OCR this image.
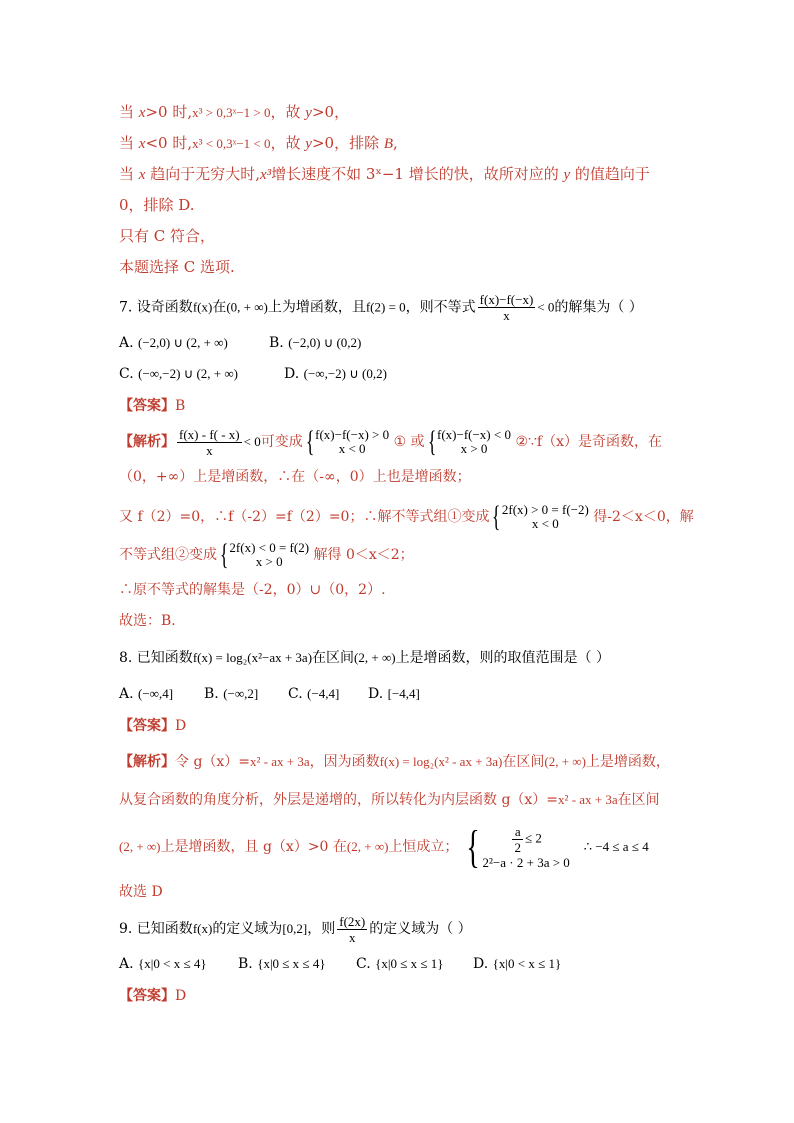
当 x>0 时,x³ > 0,3ˣ−1 > 0，故 y>0，
当 x<0 时,x³ < 0,3ˣ−1 < 0，故 y>0，排除 B,
当 x 趋向于无穷大时,x³增长速度不如 3ˣ−1 增长的快，故所对应的 y 的值趋向于
0，排除 D.
只有 C 符合，
本题选择 C 选项.
7. 设奇函数f(x)在(0, + ∞)上为增函数，且f(2) = 0，则不等式 $\frac{f(x)-f(-x)}{x} < 0$的解集为（ ）
A. (−2,0) ∪ (2, + ∞)	B. (−2,0) ∪ (0,2)
C. (−∞,−2) ∪ (2, + ∞)	D. (−∞,−2) ∪ (0,2)
【答案】B
【解析】 $\frac{f(x) - f( - x)}{x} < 0$可变成 { f(x)−f(−x) > 0
x < 0	① 或 { f(x)−f(−x) < 0
x > 0	②∵f（x）是奇函数，在
（0，+∞）上是增函数，∴在（-∞，0）上也是增函数；
又 f（2）=0，∴f（-2）=f（2）=0；∴解不等式组①变成 { 2f(x) > 0 = f(−2)
x < 0	得-2＜x＜0，解
不等式组②变成 { 2f(x) < 0 = f(2)
x > 0	解得 0＜x＜2；
∴原不等式的解集是（-2，0）∪（0，2）.
故选：B.
8. 已知函数f(x) = log₂(x²−ax + 3a)在区间(2, + ∞)上是增函数，则的取值范围是（ ）
A. (−∞,4] B. (−∞,2] C. (−4,4] D. [−4,4]
【答案】D
【解析】令 g（x）=x² - ax + 3a，因为函数f(x) = log₂(x² - ax + 3a)在区间(2, + ∞)上是增函数，
从复合函数的角度分析，外层是递增的，所以转化为内层函数 g（x）=x² - ax + 3a在区间
(2, + ∞)上是增函数，且 g（x）>0 在(2, + ∞)上恒成立； { $\frac{a}{2} \le 2$
2²−a · 2 + 3a > 0
∴ −4 ≤ a ≤ 4
故选 D
9. 已知函数f(x)的定义域为[0,2]，则 $\frac{f(2x)}{x}$ 的定义域为（ ）
A. {x|0 < x ≤ 4} B. {x|0 ≤ x ≤ 4} C. {x|0 ≤ x ≤ 1} D. {x|0 < x ≤ 1}
【答案】D
